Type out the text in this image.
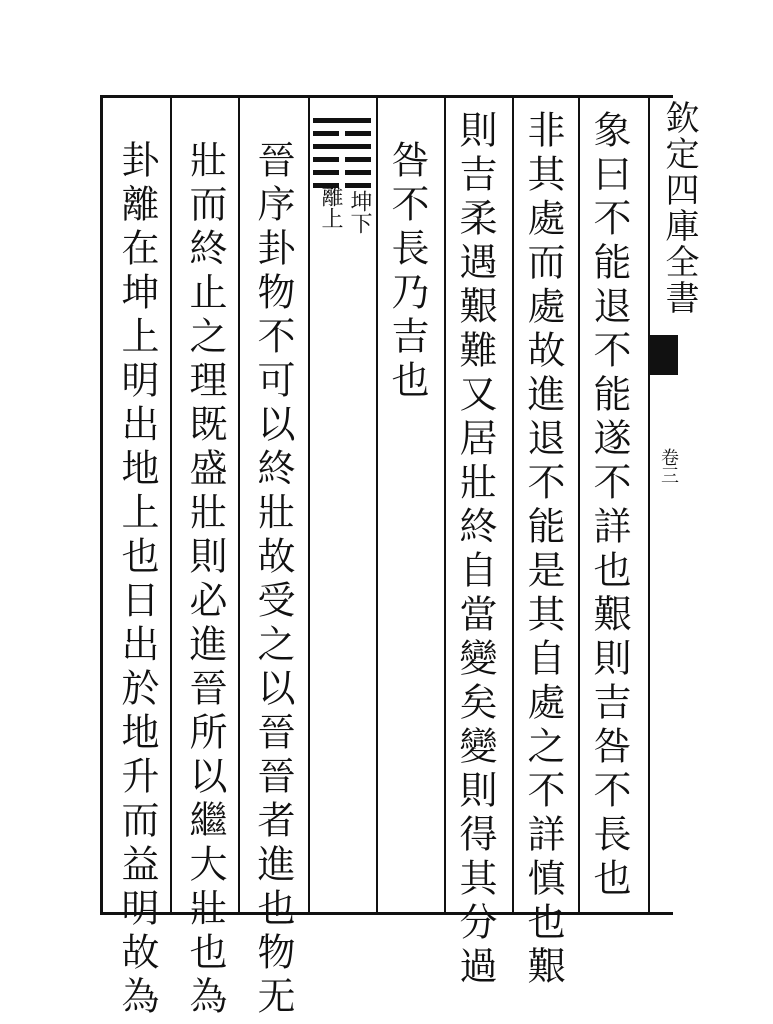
欽定四庫全書
卷三
象曰不能退不能遂不詳也艱則吉咎不長也
非其處而處故進退不能是其自處之不詳慎也艱
則吉柔遇艱難又居壯終自當變矣變則得其分過
咎不長乃吉也
坤下
離上
晉序卦物不可以終壯故受之以晉晉者進也物无
壯而終止之理既盛壯則必進晉所以繼大壯也為
卦離在坤上明出地上也日出於地升而益明故為
